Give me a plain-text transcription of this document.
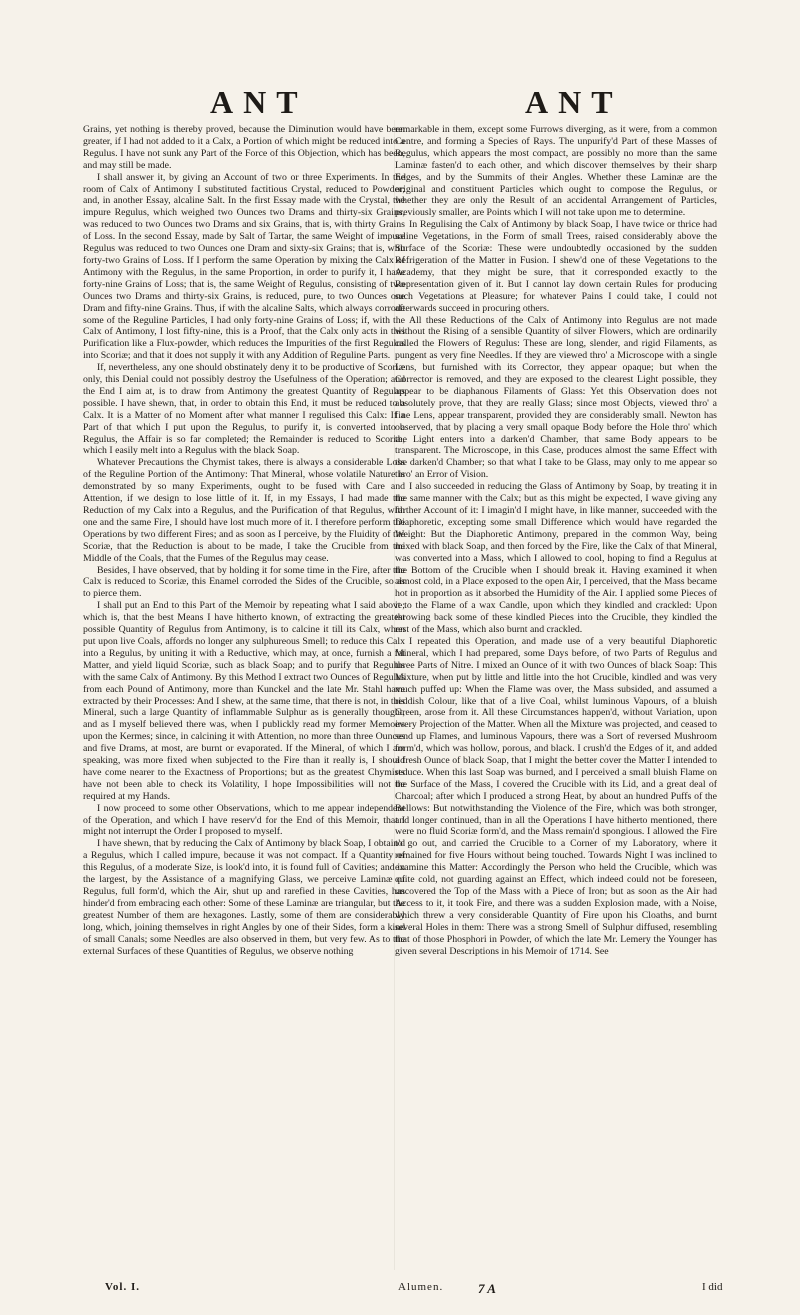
ANT	ANT

Grains, yet nothing is thereby proved, because the Diminution would have been greater, if I had not added to it a Calx, a Portion of which might be reduced into a Regulus. I have not sunk any Part of the Force of this Objection, which has been, and may still be made.

I shall answer it, by giving an Account of two or three Experiments. In the room of Calx of Antimony I substituted factitious Crystal, reduced to Powder; and, in another Essay, alcaline Salt. In the first Essay made with the Crystal, the impure Regulus, which weighed two Ounces two Drams and thirty-six Grains, was reduced to two Ounces two Drams and six Grains, that is, with thirty Grains of Loss. In the second Essay, made by Salt of Tartar, the same Weight of impure Regulus was reduced to two Ounces one Dram and sixty-six Grains; that is, with forty-two Grains of Loss. If I perform the same Operation by mixing the Calx of Antimony with the Regulus, in the same Proportion, in order to purify it, I have forty-nine Grains of Loss; that is, the same Weight of Regulus, consisting of two Ounces two Drams and thirty-six Grains, is reduced, pure, to two Ounces one Dram and fifty-nine Grains. Thus, if with the alcaline Salts, which always corrode some of the Reguline Particles, I had only forty-nine Grains of Loss; if, with the Calx of Antimony, I lost fifty-nine, this is a Proof, that the Calx only acts in this Purification like a Flux-powder, which reduces the Impurities of the first Regulus into Scoriæ; and that it does not supply it with any Addition of Reguline Parts.

If, nevertheless, any one should obstinately deny it to be productive of Scoriæ only, this Denial could not possibly destroy the Usefulness of the Operation; and the End I aim at, is to draw from Antimony the greatest Quantity of Regulus possible. I have shewn, that, in order to obtain this End, it must be reduced to a Calx. It is a Matter of no Moment after what manner I regulised this Calx: If a Part of that which I put upon the Regulus, to purify it, is converted into a Regulus, the Affair is so far completed; the Remainder is reduced to Scoriæ, which I easily melt into a Regulus with the black Soap.

Whatever Precautions the Chymist takes, there is always a considerable Loss of the Reguline Portion of the Antimony: That Mineral, whose volatile Nature is demonstrated by so many Experiments, ought to be fused with Care and Attention, if we design to lose little of it. If, in my Essays, I had made the Reduction of my Calx into a Regulus, and the Purification of that Regulus, with one and the same Fire, I should have lost much more of it. I therefore perform the Operations by two different Fires; and as soon as I perceive, by the Fluidity of the Scoriæ, that the Reduction is about to be made, I take the Crucible from the Middle of the Coals, that the Fumes of the Regulus may cease.

Besides, I have observed, that by holding it for some time in the Fire, after the Calx is reduced to Scoriæ, this Enamel corroded the Sides of the Crucible, so as to pierce them.

I shall put an End to this Part of the Memoir by repeating what I said above; which is, that the best Means I have hitherto known, of extracting the greatest possible Quantity of Regulus from Antimony, is to calcine it till its Calx, when put upon live Coals, affords no longer any sulphureous Smell; to reduce this Calx into a Regulus, by uniting it with a Reductive, which may, at once, furnish a fat Matter, and yield liquid Scoriæ, such as black Soap; and to purify that Regulus with the same Calx of Antimony. By this Method I extract two Ounces of Regulus from each Pound of Antimony, more than Kunckel and the late Mr. Stahl have extracted by their Processes: And I shew, at the same time, that there is not, in this Mineral, such a large Quantity of inflammable Sulphur as is generally thought, and as I myself believed there was, when I publickly read my former Memoirs upon the Kermes; since, in calcining it with Attention, no more than three Ounces and five Drams, at most, are burnt or evaporated. If the Mineral, of which I am speaking, was more fixed when subjected to the Fire than it really is, I should have come nearer to the Exactness of Proportions; but as the greatest Chymists have not been able to check its Volatility, I hope Impossibilities will not be required at my Hands.

I now proceed to some other Observations, which to me appear independent of the Operation, and which I have reserv'd for the End of this Memoir, that I might not interrupt the Order I proposed to myself.

I have shewn, that by reducing the Calx of Antimony by black Soap, I obtain'd a Regulus, which I called impure, because it was not compact. If a Quantity of this Regulus, of a moderate Size, is look'd into, it is found full of Cavities; and in the largest, by the Assistance of a magnifying Glass, we perceive Laminæ of Regulus, full form'd, which the Air, shut up and rarefied in these Cavities, has hinder'd from embracing each other: Some of these Laminæ are triangular, but the greatest Number of them are hexagones. Lastly, some of them are considerably long, which, joining themselves in right Angles by one of their Sides, form a kind of small Canals; some Needles are also observed in them, but very few. As to the external Surfaces of these Quantities of Regulus, we observe nothing

remarkable in them, except some Furrows diverging, as it were, from a common Centre, and forming a Species of Rays. The unpurify'd Part of these Masses of Regulus, which appears the most compact, are possibly no more than the same Laminæ fasten'd to each other, and which discover themselves by their sharp Edges, and by the Summits of their Angles. Whether these Laminæ are the original and constituent Particles which ought to compose the Regulus, or whether they are only the Result of an accidental Arrangement of Particles, previously smaller, are Points which I will not take upon me to determine.

In Regulising the Calx of Antimony by black Soap, I have twice or thrice had saline Vegetations, in the Form of small Trees, raised considerably above the Surface of the Scoriæ: These were undoubtedly occasioned by the sudden Refrigeration of the Matter in Fusion. I shew'd one of these Vegetations to the Academy, that they might be sure, that it corresponded exactly to the Representation given of it. But I cannot lay down certain Rules for producing such Vegetations at Pleasure; for whatever Pains I could take, I could not afterwards succeed in procuring others.

All these Reductions of the Calx of Antimony into Regulus are not made without the Rising of a sensible Quantity of silver Flowers, which are ordinarily called the Flowers of Regulus: These are long, slender, and rigid Filaments, as pungent as very fine Needles. If they are viewed thro' a Microscope with a single Lens, but furnished with its Corrector, they appear opaque; but when the Corrector is removed, and they are exposed to the clearest Light possible, they appear to be diaphanous Filaments of Glass: Yet this Observation does not absolutely prove, that they are really Glass; since most Objects, viewed thro' a fine Lens, appear transparent, provided they are considerably small. Newton has observed, that by placing a very small opaque Body before the Hole thro' which the Light enters into a darken'd Chamber, that same Body appears to be transparent. The Microscope, in this Case, produces almost the same Effect with the darken'd Chamber; so that what I take to be Glass, may only to me appear so thro' an Error of Vision.

I also succeeded in reducing the Glass of Antimony by Soap, by treating it in the same manner with the Calx; but as this might be expected, I wave giving any farther Account of it: I imagin'd I might have, in like manner, succeeded with the Diaphoretic, excepting some small Difference which would have regarded the Weight: But the Diaphoretic Antimony, prepared in the common Way, being mixed with black Soap, and then forced by the Fire, like the Calx of that Mineral, was converted into a Mass, which I allowed to cool, hoping to find a Regulus at the Bottom of the Crucible when I should break it. Having examined it when almost cold, in a Place exposed to the open Air, I perceived, that the Mass became hot in proportion as it absorbed the Humidity of the Air. I applied some Pieces of it to the Flame of a wax Candle, upon which they kindled and crackled: Upon throwing back some of these kindled Pieces into the Crucible, they kindled the rest of the Mass, which also burnt and crackled.

I repeated this Operation, and made use of a very beautiful Diaphoretic Mineral, which I had prepared, some Days before, of two Parts of Regulus and three Parts of Nitre. I mixed an Ounce of it with two Ounces of black Soap: This Mixture, when put by little and little into the hot Crucible, kindled and was very much puffed up: When the Flame was over, the Mass subsided, and assumed a reddish Colour, like that of a live Coal, whilst luminous Vapours, of a bluish Green, arose from it. All these Circumstances happen'd, without Variation, upon every Projection of the Matter. When all the Mixture was projected, and ceased to send up Flames, and luminous Vapours, there was a Sort of reversed Mushroom form'd, which was hollow, porous, and black. I crush'd the Edges of it, and added a fresh Ounce of black Soap, that I might the better cover the Matter I intended to reduce. When this last Soap was burned, and I perceived a small bluish Flame on the Surface of the Mass, I covered the Crucible with its Lid, and a great deal of Charcoal; after which I produced a strong Heat, by about an hundred Puffs of the Bellows: But notwithstanding the Violence of the Fire, which was both stronger, and longer continued, than in all the Operations I have hitherto mentioned, there were no fluid Scoriæ form'd, and the Mass remain'd spongious. I allowed the Fire to go out, and carried the Crucible to a Corner of my Laboratory, where it remained for five Hours without being touched. Towards Night I was inclined to examine this Matter: Accordingly the Person who held the Crucible, which was quite cold, not guarding against an Effect, which indeed could not be foreseen, uncovered the Top of the Mass with a Piece of Iron; but as soon as the Air had Access to it, it took Fire, and there was a sudden Explosion made, with a Noise, which threw a very considerable Quantity of Fire upon his Cloaths, and burnt several Holes in them: There was a strong Smell of Sulphur diffused, resembling that of those Phosphori in Powder, of which the late Mr. Lemery the Younger has given several Descriptions in his Memoir of 1714. See

Vol. I.	Alumen.	7 A	I did
